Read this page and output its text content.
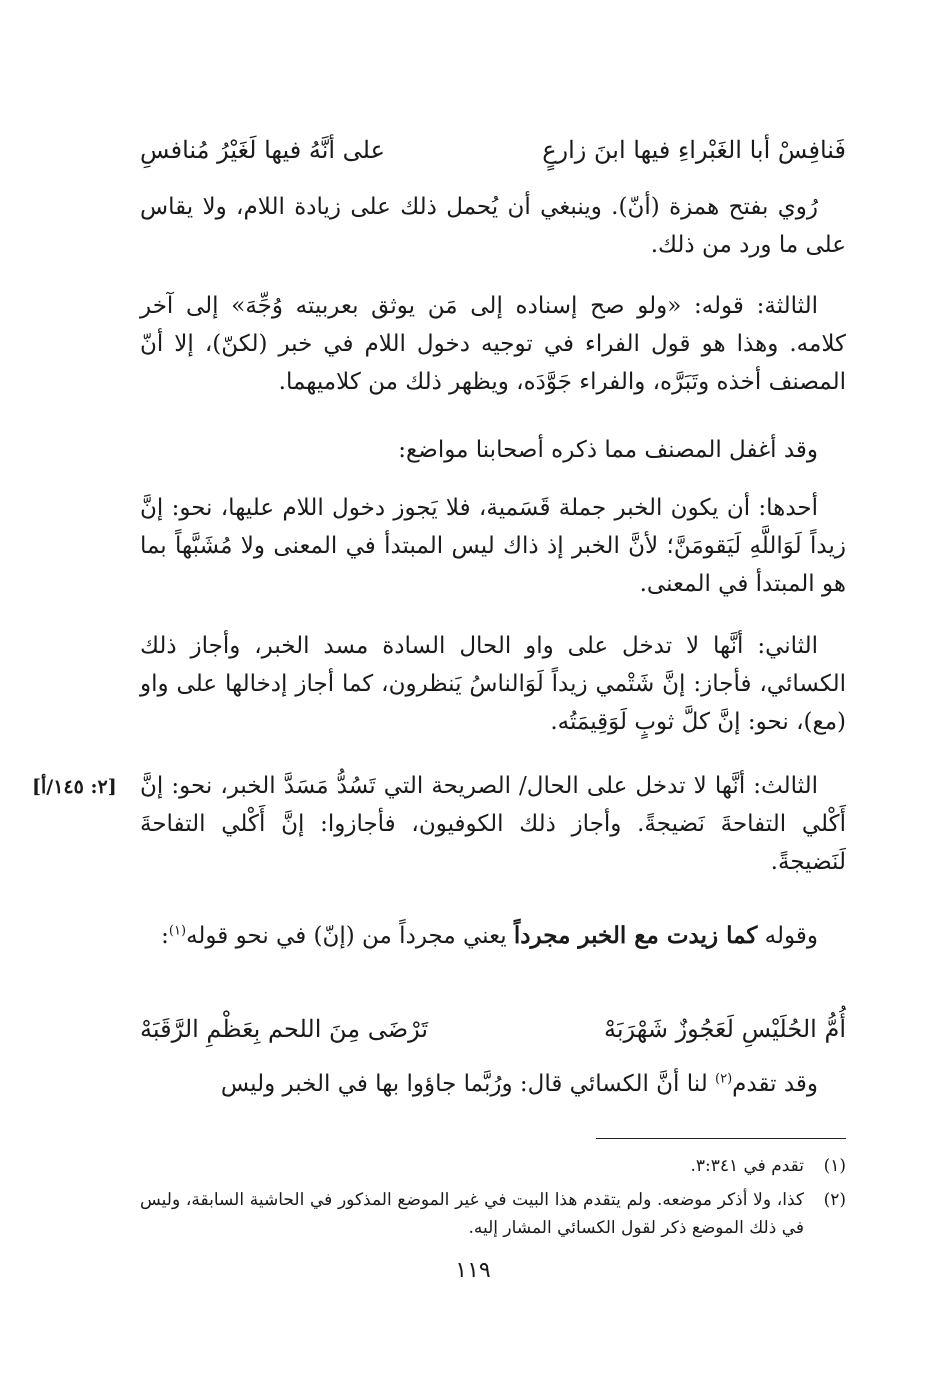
فَنافِسْ أبا الغَبْراءِ فيها ابنَ زارعٍ
على أنَّهُ فيها لَغَيْرُ مُنافسِ
رُوي بفتح همزة (أنّ). وينبغي أن يُحمل ذلك على زيادة اللام، ولا يقاس على ما ورد من ذلك.
الثالثة: قوله: «ولو صح إسناده إلى مَن يوثق بعربيته وُجِّهَ» إلى آخر كلامه. وهذا هو قول الفراء في توجيه دخول اللام في خبر (لكنّ)، إلا أنّ المصنف أخذه وتَبَرَّه، والفراء جَوَّدَه، ويظهر ذلك من كلاميهما.
وقد أغفل المصنف مما ذكره أصحابنا مواضع:
أحدها: أن يكون الخبر جملة قَسَمية، فلا يَجوز دخول اللام عليها، نحو: إنَّ زيداً لَوَاللَّهِ لَيَقومَنَّ؛ لأنَّ الخبر إذ ذاك ليس المبتدأ في المعنى ولا مُشَبَّهاً بما هو المبتدأ في المعنى.
الثاني: أنَّها لا تدخل على واو الحال السادة مسد الخبر، وأجاز ذلك الكسائي، فأجاز: إنَّ شَتْمي زيداً لَوَالناسُ يَنظرون، كما أجاز إدخالها على واو (مع)، نحو: إنَّ كلَّ ثوبٍ لَوَقِيمَتُه.
الثالث: أنَّها لا تدخل على الحال/ الصريحة التي تَسُدُّ مَسَدَّ الخبر، نحو: إنَّ أَكْلي التفاحةَ نَضيجةً. وأجاز ذلك الكوفيون، فأجازوا: إنَّ أَكْلي التفاحةَ لَنَضيجةً.
[٢: ١٤٥/أ]
وقوله كما زيدت مع الخبر مجرداً يعني مجرداً من (إنّ) في نحو قوله$^{(١)}$:
أُمُّ الحُلَيْسِ لَعَجُوزٌ شَهْرَبَهْ
تَرْضَى مِنَ اللحم بِعَظْمِ الرَّقَبَهْ
وقد تقدم$^{(٢)}$ لنا أنَّ الكسائي قال: ورُبَّما جاؤوا بها في الخبر وليس
(١)
تقدم في ٣:٣٤١.
(٢)
كذا، ولا أذكر موضعه. ولم يتقدم هذا البيت في غير الموضع المذكور في الحاشية السابقة، وليس في ذلك الموضع ذكر لقول الكسائي المشار إليه.
١١٩
